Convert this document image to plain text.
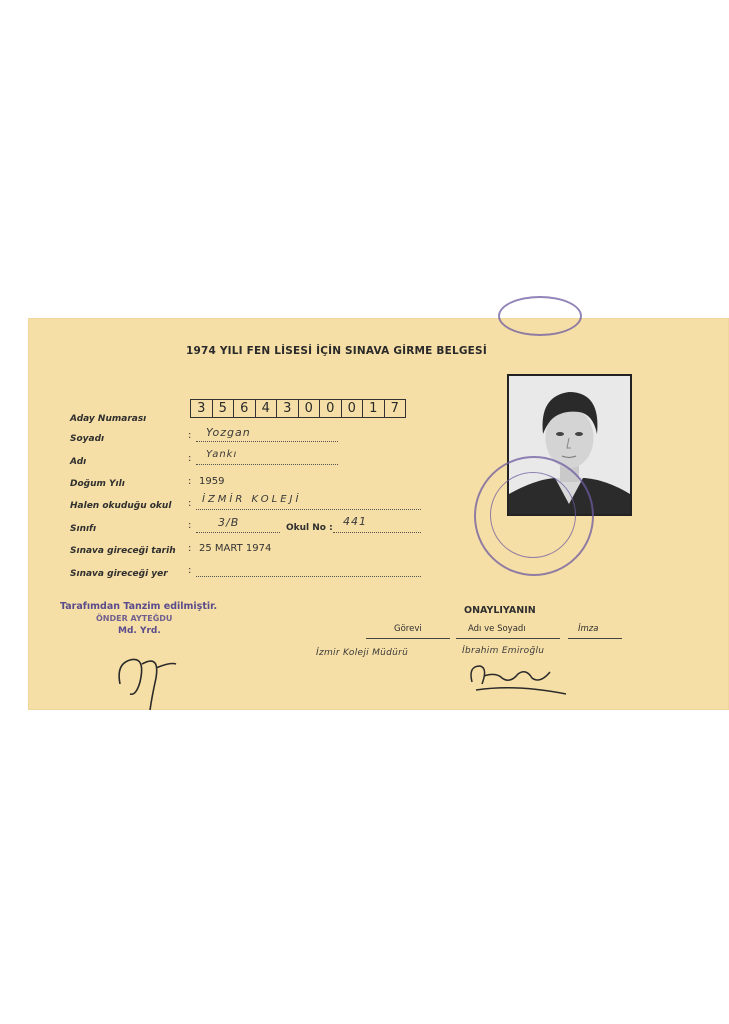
1974 YILI FEN LİSESİ İÇİN SINAVA GİRME BELGESİ
Aday Numarası
3	5	6	4	3	0	0	0	1	7
Soyadı	: Yozgan
Adı	: Yankı
Doğum Yılı	: 1959
Halen okuduğu okul : İZMİR KOLEJİ
Sınıfı	: 3/B	Okul No : 441
Sınava gireceği tarih : 25 MART 1974
Sınava gireceği yer :
Tarafımdan Tanzim edilmiştir.
ÖNDER AYTEĞDU
Md. Yrd.
ONAYLIYANIN
Görevi	Adı ve Soyadı	İmza
İzmir Koleji Müdürü	İbrahim Emiroğlu
